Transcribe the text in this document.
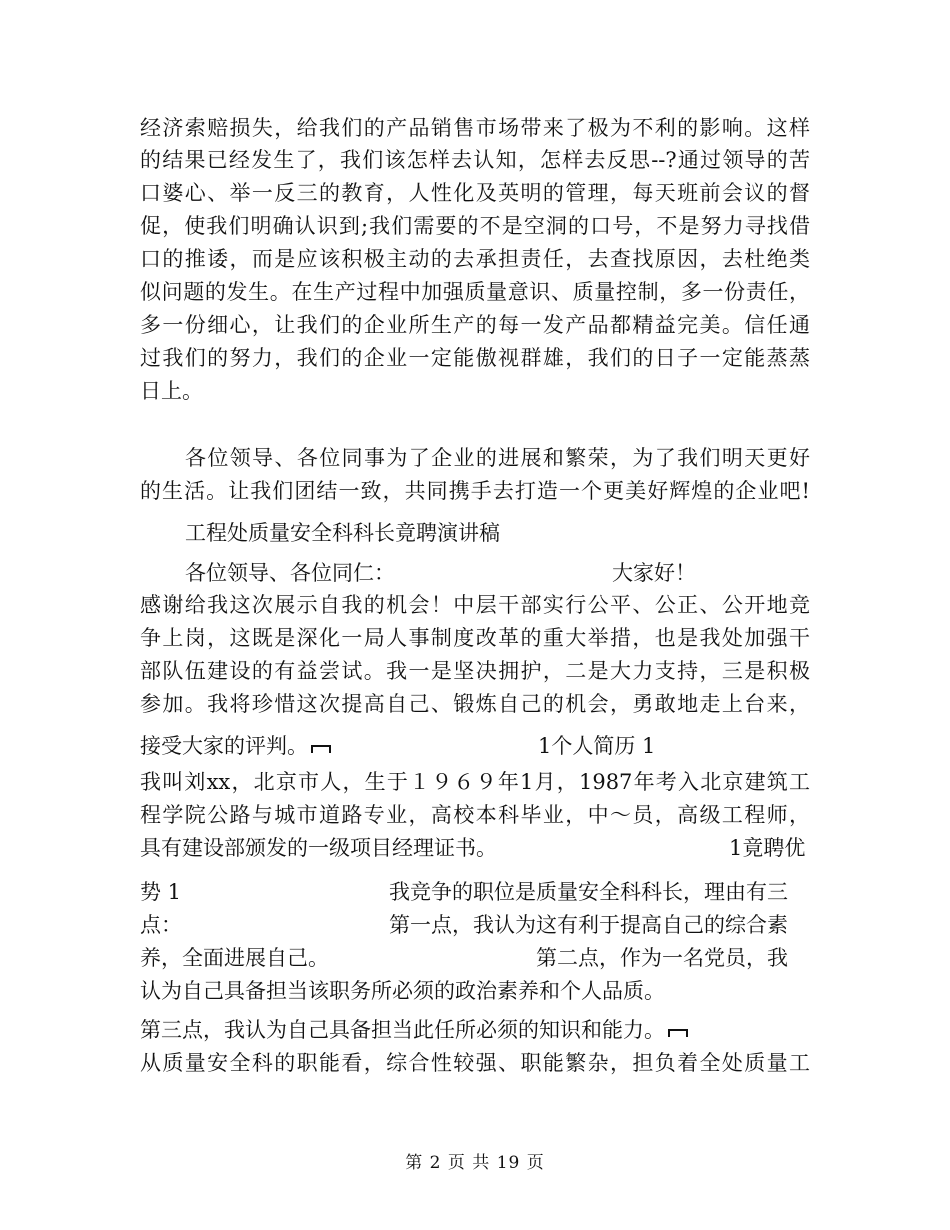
经济索赔损失，给我们的产品销售市场带来了极为不利的影响。这样
的结果已经发生了，我们该怎样去认知，怎样去反思--?通过领导的苦
口婆心、举一反三的教育，人性化及英明的管理，每天班前会议的督
促，使我们明确认识到;我们需要的不是空洞的口号，不是努力寻找借
口的推诿，而是应该积极主动的去承担责任，去查找原因，去杜绝类
似问题的发生。在生产过程中加强质量意识、质量控制，多一份责任，
多一份细心，让我们的企业所生产的每一发产品都精益完美。信任通
过我们的努力，我们的企业一定能傲视群雄，我们的日子一定能蒸蒸
日上。
各位领导、各位同事为了企业的进展和繁荣，为了我们明天更好
的生活。让我们团结一致，共同携手去打造一个更美好辉煌的企业吧!
工程处质量安全科科长竟聘演讲稿
各位领导、各位同仁：	大家好！
感谢给我这次展示自我的机会！中层干部实行公平、公正、公开地竞
争上岗，这既是深化一局人事制度改革的重大举措，也是我处加强干
部队伍建设的有益尝试。我一是坚决拥护，二是大力支持，三是积极
参加。我将珍惜这次提高自己、锻炼自己的机会，勇敢地走上台来，
接受大家的评判。	1个人简历 1
我叫刘xx，北京市人，生于１９６９年1月，1987年考入北京建筑工
程学院公路与城市道路专业，高校本科毕业，中～员，高级工程师，
具有建设部颁发的一级项目经理证书。	1竟聘优
势 1	我竞争的职位是质量安全科科长，理由有三
点：	第一点，我认为这有利于提高自己的综合素
养，全面进展自己。	第二点，作为一名党员，我
认为自己具备担当该职务所必须的政治素养和个人品质。
第三点，我认为自己具备担当此任所必须的知识和能力。
从质量安全科的职能看，综合性较强、职能繁杂，担负着全处质量工
第 2 页 共 19 页
